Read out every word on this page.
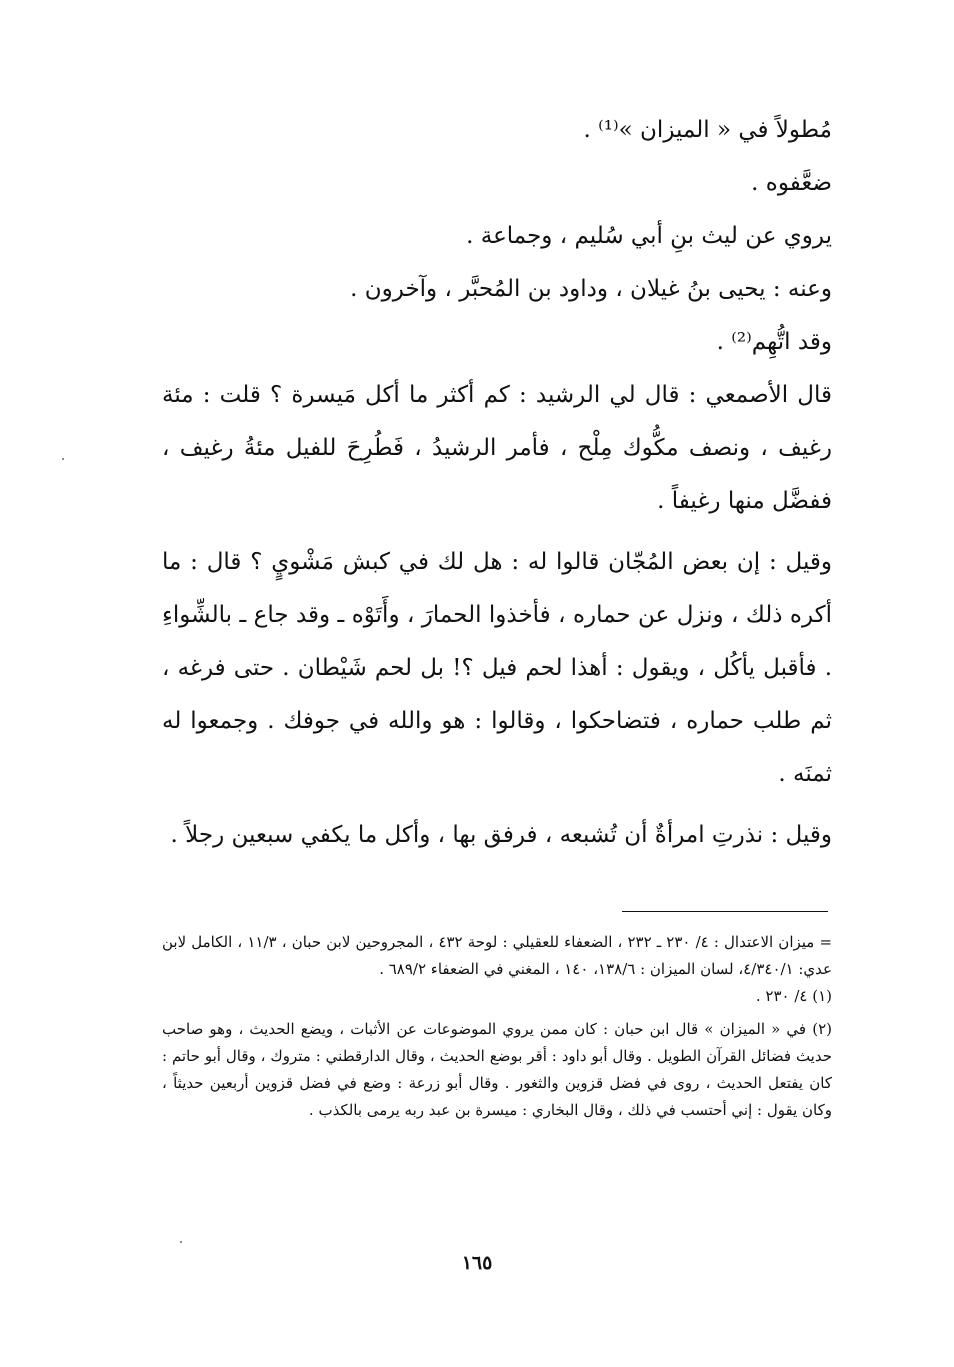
مُطولاً في « الميزان »⁽¹⁾ .

ضعَّفوه .

يروي عن ليث بنِ أبي سُليم ، وجماعة .

وعنه : يحيى بنُ غيلان ، وداود بن المُحبَّر ، وآخرون .

وقد اتُّهِم⁽²⁾ .

قال الأصمعي : قال لي الرشيد : كم أكثر ما أكل مَيسرة ؟ قلت : مئة رغيف ، ونصف مكُّوك مِلْح ، فأمر الرشيدُ ، فَطُرِحَ للفيل مئةُ رغيف ، ففضَّل منها رغيفاً .

وقيل : إن بعض المُجّان قالوا له : هل لك في كبش مَشْويٍ ؟ قال : ما أكره ذلك ، ونزل عن حماره ، فأخذوا الحمارَ ، وأَتَوْه ـ وقد جاع ـ بالشِّواءِ . فأقبل يأكُل ، ويقول : أهذا لحم فيل ؟! بل لحم شَيْطان . حتى فرغه ، ثم طلب حماره ، فتضاحكوا ، وقالوا : هو والله في جوفك . وجمعوا له ثمنَه .

وقيل : نذرتِ امرأةٌ أن تُشبعه ، فرفق بها ، وأكل ما يكفي سبعين رجلاً .

= ميزان الاعتدال : ٤/ ٢٣٠ ـ ٢٣٢ ، الضعفاء للعقيلي : لوحة ٤٣٢ ، المجروحين لابن حبان ، ١١/٣ ، الكامل لابن عدي: ٤/٣٤٠/١، لسان الميزان : ١٣٨/٦، ١٤٠ ، المغني في الضعفاء ٦٨٩/٢ .

(١) ٤/ ٢٣٠ .

(٢) في « الميزان » قال ابن حبان : كان ممن يروي الموضوعات عن الأثبات ، ويضع الحديث ، وهو صاحب حديث فضائل القرآن الطويل . وقال أبو داود : أقر بوضع الحديث ، وقال الدارقطني : متروك ، وقال أبو حاتم : كان يفتعل الحديث ، روى في فضل قزوين والثغور . وقال أبو زرعة : وضع في فضل قزوين أربعين حديثاً ، وكان يقول : إني أحتسب في ذلك ، وقال البخاري : ميسرة بن عبد ربه يرمى بالكذب .

١٦٥
